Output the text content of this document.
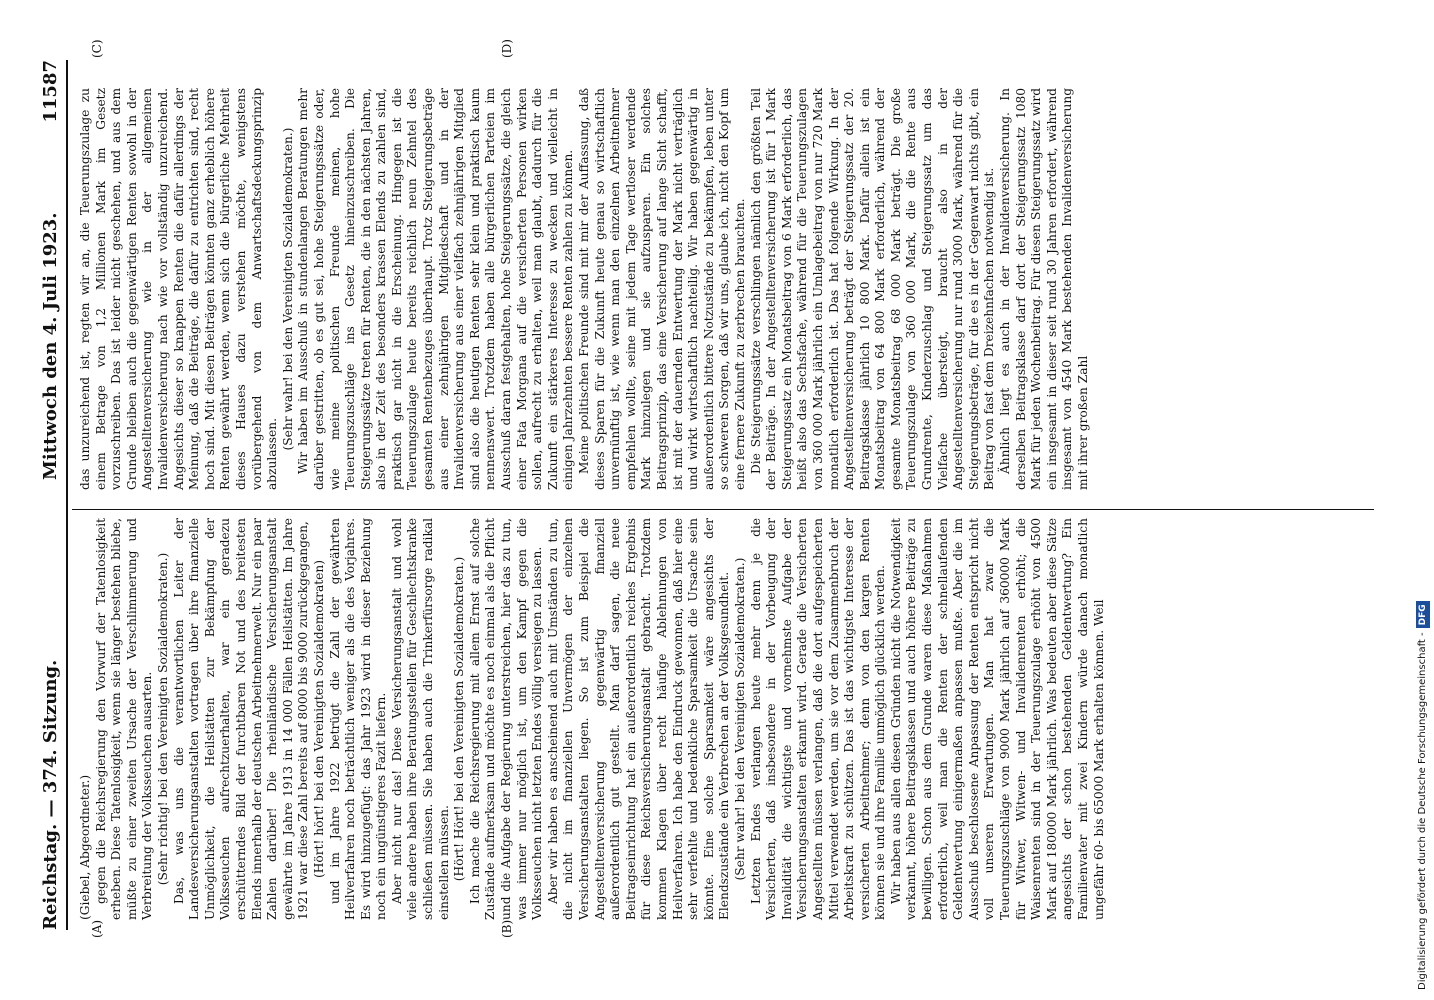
Reichstag. — 374. Sitzung.
Mittwoch den 4. Juli 1923.
11587
(A)	(B)
(C)	(D)

(Giebel, Abgeordneter.) gegen die Reichsregierung den Vorwurf der Tatenlosigkeit erheben. Diese Tatenlosigkeit, wenn sie länger bestehen bliebe, müßte zu einer zweiten Ursache der Verschlimmerung und Verbreitung der Volksseuchen ausarten. (Sehr richtig! bei den Vereinigten Sozialdemokraten.) Das, was uns die verantwortlichen Leiter der Landesversicherungsanstalten vortragen über ihre finanzielle Unmöglichkeit, die Heilstätten zur Bekämpfung der Volksseuchen aufrechtzuerhalten, war ein geradezu erschütterndes Bild der furchtbaren Not und des breitesten Elends innerhalb der deutschen Arbeitnehmerwelt. Nur ein paar Zahlen darüber! Die rheinländische Versicherungsanstalt gewährte im Jahre 1913 in 14 000 Fällen Heilstätten. Im Jahre 1921 war diese Zahl bereits auf 8000 bis 9000 zurückgegangen, (Hört! hört! bei den Vereinigten Sozialdemokraten) und im Jahre 1922 betrügt die Zahl der gewährten Heilverfahren noch beträchtlich weniger als die des Vorjahres. Es wird hinzugefügt: das Jahr 1923 wird in dieser Beziehung noch ein ungünstigeres Fazit liefern. Aber nicht nur das! Diese Versicherungsanstalt und wohl viele andere haben ihre Beratungsstellen für Geschlechtskranke schließen müssen. Sie haben auch die Trinkerfürsorge radikal einstellen müssen. (Hört! Hört! bei den Vereinigten Sozialdemokraten.) Ich mache die Reichsregierung mit allem Ernst auf solche Zustände aufmerksam und möchte es noch einmal als die Pflicht und die Aufgabe der Regierung unterstreichen, hier das zu tun, was immer nur möglich ist, um den Kampf gegen die Volksseuchen nicht letzten Endes völlig versiegen zu lassen. Aber wir haben es anscheinend auch mit Umständen zu tun, die nicht im finanziellen Unvermögen der einzelnen Versicherungsanstalten liegen. So ist zum Beispiel die Angestelltenversicherung gegenwärtig finanziell außerordentlich gut gestellt. Man darf sagen, die neue Beitragseinrichtung hat ein außerordentlich reiches Ergebnis für diese Reichsversicherungsanstalt gebracht. Trotzdem kommen Klagen über recht häufige Ablehnungen von Heilverfahren. Ich habe den Eindruck gewonnen, daß hier eine sehr verfehlte und bedenkliche Sparsamkeit die Ursache sein könnte. Eine solche Sparsamkeit wäre angesichts der Elendszustände ein Verbrechen an der Volksgesundheit. (Sehr wahr! bei den Vereinigten Sozialdemokraten.) Letzten Endes verlangen heute mehr denn je die Versicherten, daß insbesondere in der Vorbeugung der Invalidität die wichtigste und vornehmste Aufgabe der Versicherungsanstalten erkannt wird. Gerade die Versicherten Angestellten müssen verlangen, daß die dort aufgespeicherten Mittel verwendet werden, um sie vor dem Zusammenbruch der Arbeitskraft zu schützen. Das ist das wichtigste Interesse der versicherten Arbeitnehmer; denn von den kargen Renten können sie und ihre Familie unmöglich glücklich werden. Wir haben aus allen diesen Gründen nicht die Notwendigkeit verkannt, höhere Beitragsklassen und auch höhere Beiträge zu bewilligen. Schon aus dem Grunde waren diese Maßnahmen erforderlich, weil man die Renten der schnellaufenden Geldentwertung einigermaßen anpassen mußte. Aber die im Ausschuß beschlossene Anpassung der Renten entspricht nicht voll unseren Erwartungen. Man hat zwar die Teuerungszuschläge von 9000 Mark jährlich auf 360000 Mark für Witwer, Witwen- und Invalidenrenten erhöht; die Waisenrenten sind in der Teuerungszulage erhöht von 4500 Mark auf 180000 Mark jährlich. Was bedeuten aber diese Sätze angesichts der schon bestehenden Geldentwertung? Ein Familienvater mit zwei Kindern würde danach monatlich ungefähr 60- bis 65000 Mark erhalten können. Weil

das unzureichend ist, regten wir an, die Teuerungszulage zu einem Betrage von 1,2 Millionen Mark im Gesetz vorzuschreiben. Das ist leider nicht geschehen, und aus dem Grunde bleiben auch die gegenwärtigen Renten sowohl in der Angestelltenversicherung wie in der allgemeinen Invalidenversicherung nach wie vor vollständig unzureichend. Angesichts dieser so knappen Renten die dafür allerdings der Meinung, daß die Beiträge, die dafür zu entrichten sind, recht hoch sind. Mit diesen Beiträgen könnten ganz erheblich höhere Renten gewährt werden, wenn sich die bürgerliche Mehrheit dieses Hauses dazu verstehen möchte, wenigstens vorübergehend von dem Anwartschaftsdeckungsprinzip abzulassen.

(Sehr wahr! bei den Vereinigten Sozialdemokraten.) Wir haben im Ausschuß in stundenlangen Beratungen mehr darüber gestritten, ob es gut sei, hohe Steigerungssätze oder, wie meine politischen Freunde meinen, hohe Teuerungszuschläge ins Gesetz hineinzuschreiben. Die Steigerungssätze treten für Renten, die in den nächsten Jahren, also in der Zeit des besonders krassen Elends zu zahlen sind, praktisch gar nicht in die Erscheinung. Hingegen ist die Teuerungszulage heute bereits reichlich neun Zehntel des gesamten Rentenbezuges überhaupt. Trotz Steigerungsbeträge aus einer zehnjährigen Mitgliedschaft und in der Invalidenversicherung aus einer vielfach zehnjährigen Mitglied sind also die heutigen Renten sehr klein und praktisch kaum nennenswert. Trotzdem haben alle bürgerlichen Parteien im Ausschuß daran festgehalten, hohe Steigerungssätze, die gleich einer Fata Morgana auf die versicherten Personen wirken sollen, aufrecht zu erhalten, weil man glaubt, dadurch für die Zukunft ein stärkeres Interesse zu wecken und vielleicht in einigen Jahrzehnten bessere Renten zahlen zu können. Meine politischen Freunde sind mit mir der Auffassung, daß dieses Sparen für die Zukunft heute genau so wirtschaftlich unvernünftig ist, wie wenn man den einzelnen Arbeitnehmer empfehlen wollte, seine mit jedem Tage wertloser werdende Mark hinzulegen und sie aufzusparen. Ein solches Beitragsprinzip, das eine Versicherung auf lange Sicht schafft, ist mit der dauernden Entwertung der Mark nicht verträglich und wirkt wirtschaftlich nachteilig. Wir haben gegenwärtig in außerordentlich bittere Notzustände zu bekämpfen, leben unter so schweren Sorgen, daß wir uns, glaube ich, nicht den Kopf um eine fernere Zukunft zu zerbrechen brauchten. Die Steigerungssätze verschlingen nämlich den größten Teil der Beiträge. In der Angestelltenversicherung ist für 1 Mark Steigerungssatz ein Monatsbeitrag von 6 Mark erforderlich, das heißt also das Sechsfache, während für die Teuerungszulagen von 360 000 Mark jährlich ein Umlagebeitrag von nur 720 Mark monatlich erforderlich ist. Das hat folgende Wirkung. In der Angestelltenversicherung beträgt der Steigerungssatz der 20. Beitragsklasse jährlich 10 800 Mark. Dafür allein ist ein Monatsbeitrag von 64 800 Mark erforderlich, während der gesamte Monatsbeitrag 68 000 Mark beträgt. Die große Teuerungszulage von 360 000 Mark, die die Rente aus Grundrente, Kinderzuschlag und Steigerungssatz um das Vielfache übersteigt, braucht also in der Angestelltenversicherung nur rund 3000 Mark, während für die Steigerungsbeträge, für die es in der Gegenwart nichts gibt, ein Beitrag von fast dem Dreizehnfachen notwendig ist. Ähnlich liegt es auch in der Invalidenversicherung. In derselben Beitragsklasse darf dort der Steigerungssatz 1080 Mark für jeden Wochenbeitrag. Für diesen Steigerungssatz wird ein insgesamt in dieser seit rund 30 Jahren erfordert, während insgesamt von 4540 Mark bestehenden Invalidenversicherung mit ihrer großen Zahl

Digitalisierung gefördert durch die Deutsche Forschungsgemeinschaft -DFG
